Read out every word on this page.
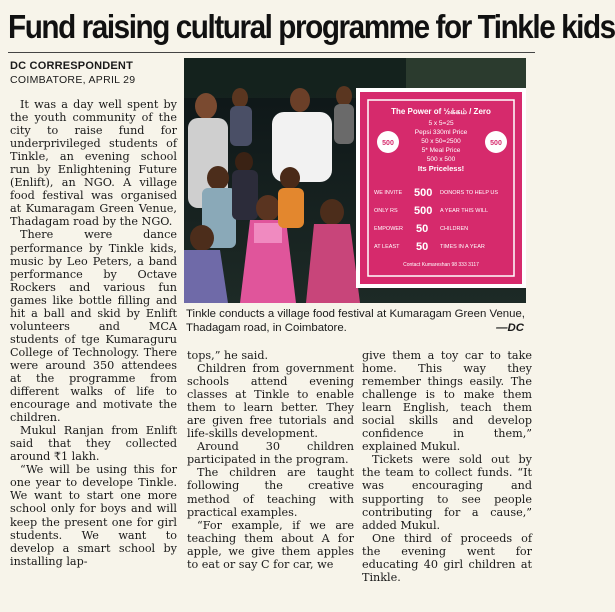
Fund raising cultural programme for Tinkle kids
DC CORRESPONDENT
COIMBATORE, APRIL 29

It was a day well spent by the youth community of the city to raise fund for underprivileged students of Tinkle, an evening school run by Enlightening Future (Enlift), an NGO. A village food festival was organised at Kumaragam Green Venue, Thadagam road by the NGO.

There were dance performance by Tinkle kids, music by Leo Peters, a band performance by Octave Rockers and various fun games like bottle filling and hit a ball and skid by Enlift volunteers and MCA students of tge Kumaraguru College of Technology. There were around 350 attendees at the programme from different walks of life to encourage and motivate the children.

Mukul Ranjan from Enlift said that they collected around ₹1 lakh.

“We will be using this for one year to develope Tinkle. We want to start one more school only for boys and will keep the present one for girl students. We want to develop a smart school by installing lap-

The Power of ½க்கம் / Zero
5 x 5=25
Pepsi 330ml Price
50 x 50=2500
5* Meal Price
500 x 500
Its Priceless!
500	500
WE INVITE 500 DONORS TO HELP US
ONLY RS 500 A YEAR THIS WILL
EMPOWER 50 CHILDREN
AT LEAST 50 TIMES IN A YEAR
Contact Kumareshan 98 333 3117
Tinkle conducts a village food festival at Kumaragam Green Venue, Thadagam road, in Coimbatore.	—DC

tops,” he said.

Children from government schools attend evening classes at Tinkle to enable them to learn better. They are given free tutorials and life-skills development.

Around 30 children participated in the program.

The children are taught following the creative method of teaching with practical examples.

“For example, if we are teaching them about A for apple, we give them apples to eat or say C for car, we

give them a toy car to take home. This way they remember things easily. The challenge is to make them learn English, teach them social skills and develop confidence in them,” explained Mukul.

Tickets were sold out by the team to collect funds. “It was encouraging and supporting to see people contributing for a cause,” added Mukul.

One third of proceeds of the evening went for educating 40 girl children at Tinkle.
